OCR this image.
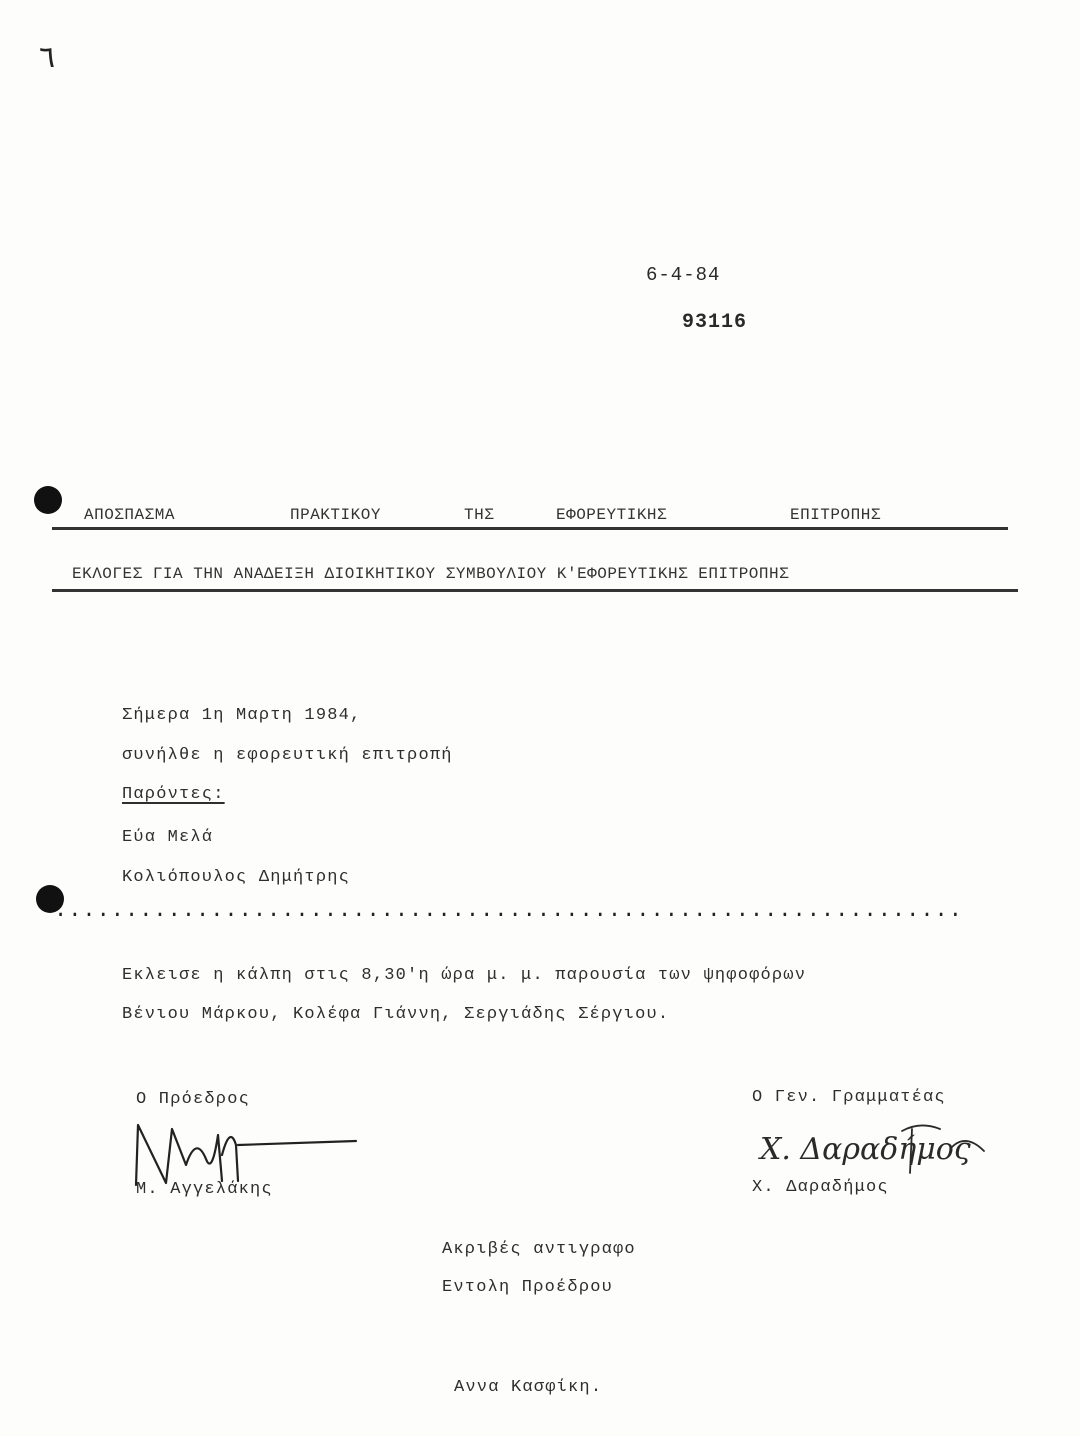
٦
6-4-84
93116
ΑΠΟΣΠΑΣΜΑ	ΠΡΑΚΤΙΚΟΥ	ΤΗΣ	ΕΦΟΡΕΥΤΙΚΗΣ	ΕΠΙΤΡΟΠΗΣ
ΕΚΛΟΓΕΣ ΓΙΑ ΤΗΝ ΑΝΑΔΕΙΞΗ ΔΙΟΙΚΗΤΙΚΟΥ ΣΥΜΒΟΥΛΙΟΥ Κ'ΕΦΟΡΕΥΤΙΚΗΣ ΕΠΙΤΡΟΠΗΣ
Σήμερα 1η Μαρτη 1984,
συνήλθε η εφορευτική επιτροπή
Παρόντες:
Εύα Μελά
Κολιόπουλος Δημήτρης
................................................................
Εκλεισε η κάλπη στις 8,30'η ώρα μ. μ. παρουσία των ψηφοφόρων
Βένιου Μάρκου, Κολέφα Γιάννη, Σεργιάδης Σέργιου.
Ο Πρόεδρος
Μ. Αγγελάκης
Ο Γεν. Γραμματέας
Χ. Δαραδήμος
Χ. Δαραδήμος
Ακριβές αντιγραφο
Εντολη Προέδρου
Αννα Κασφίκη.
